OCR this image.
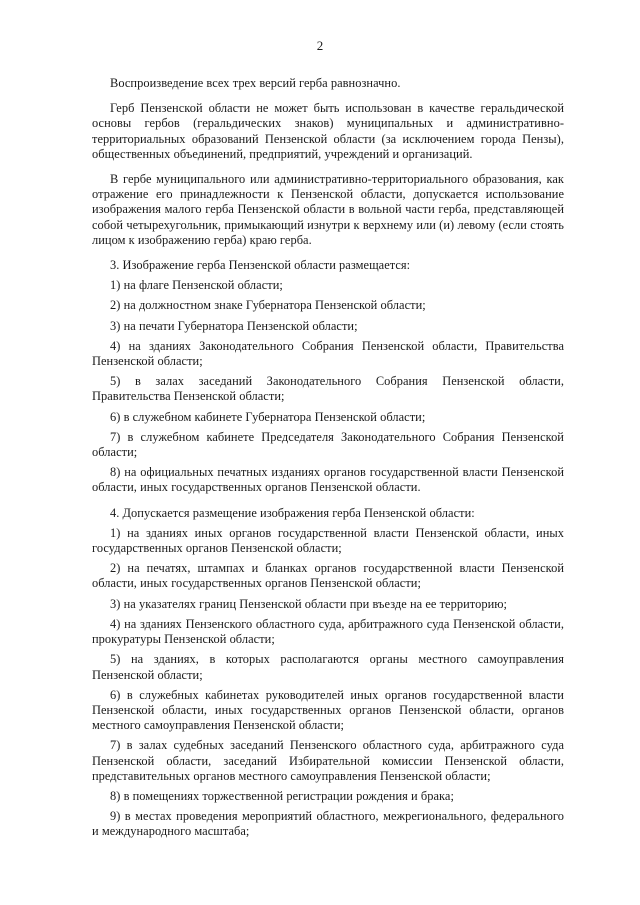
2

Воспроизведение всех трех версий герба равнозначно.

Герб Пензенской области не может быть использован в качестве геральдической основы гербов (геральдических знаков) муниципальных и административно-территориальных образований Пензенской области (за исключением города Пензы), общественных объединений, предприятий, учреждений и организаций.

В гербе муниципального или административно-территориального образования, как отражение его принадлежности к Пензенской области, допускается использование изображения малого герба Пензенской области в вольной части герба, представляющей собой четырехугольник, примыкающий изнутри к верхнему или (и) левому (если стоять лицом к изображению герба) краю герба.

3. Изображение герба Пензенской области размещается:

1) на флаге Пензенской области;

2) на должностном знаке Губернатора Пензенской области;

3) на печати Губернатора Пензенской области;

4) на зданиях Законодательного Собрания Пензенской области, Правительства Пензенской области;

5) в залах заседаний Законодательного Собрания Пензенской области, Правительства Пензенской области;

6) в служебном кабинете Губернатора Пензенской области;

7) в служебном кабинете Председателя Законодательного Собрания Пензенской области;

8) на официальных печатных изданиях органов государственной власти Пензенской области, иных государственных органов Пензенской области.

4. Допускается размещение изображения герба Пензенской области:

1) на зданиях иных органов государственной власти Пензенской области, иных государственных органов Пензенской области;

2) на печатях, штампах и бланках органов государственной власти Пензенской области, иных государственных органов Пензенской области;

3) на указателях границ Пензенской области при въезде на ее территорию;

4) на зданиях Пензенского областного суда, арбитражного суда Пензенской области, прокуратуры Пензенской области;

5) на зданиях, в которых располагаются органы местного самоуправления Пензенской области;

6) в служебных кабинетах руководителей иных органов государственной власти Пензенской области, иных государственных органов Пензенской области, органов местного самоуправления Пензенской области;

7) в залах судебных заседаний Пензенского областного суда, арбитражного суда Пензенской области, заседаний Избирательной комиссии Пензенской области, представительных органов местного самоуправления Пензенской области;

8) в помещениях торжественной регистрации рождения и брака;

9) в местах проведения мероприятий областного, межрегионального, федерального и международного масштаба;
